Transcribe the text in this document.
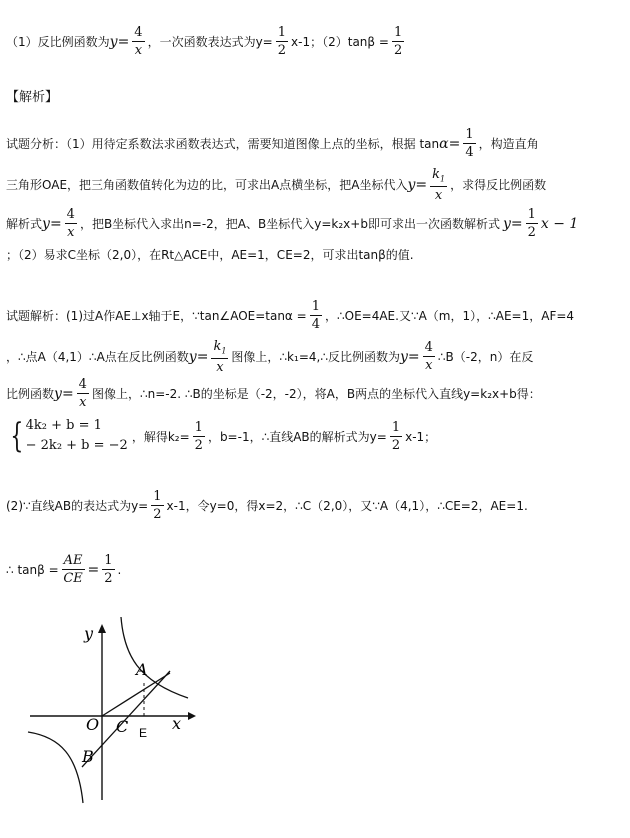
（1）反比例函数为 $y = \frac{4}{x}$ ，一次函数表达式为$y= \frac{1}{2} x-1$；$(2)\tan\beta = \frac{1}{2}$
【解析】
试题分析：（1）用待定系数法求函数表达式，需要知道图像上点的坐标，根据 $\tan \alpha = \frac{1}{4}$ ，构造直角
三角形OAE，把三角函数值转化为边的比，可求出A点横坐标，把A坐标代入 $y = \frac{k_1}{x}$ ，求得反比例函数
解析式 $y = \frac{4}{x}$ ，把B坐标代入求出n=-2，把A、B坐标代入y=k₂x+b即可求出一次函数解析式 $y = \frac{1}{2}$ x − 1
；（2）易求C坐标（2,0），在Rt△ACE中，AE=1，CE=2，可求出tanβ的值.
试题解析：(1)过A作AE⊥x轴于E，∵tan∠AOE=tanα = $\frac{1}{4}$ ，∴OE=4AE.又∵A（m，1），∴AE=1，AF=4
，∴点A（4,1）∴A点在反比例函数 $y = \frac{k_1}{x}$ 图像上，∴k₁=4,∴反比例函数为 $y = \frac{4}{x}$ ∴B（-2，n）在反
比例函数 $y = \frac{4}{x}$ 图像上，∴n=-2. ∴B的坐标是（-2，-2），将A，B两点的坐标代入直线y=k₂x+b得：
{ 4k₂ + b = 1
− 2k₂ + b = −2
，解得$k_2= \frac{1}{2}$ ，b=-1，∴直线AB的解析式为$y= \frac{1}{2} x-1$；
(2)∵直线AB的表达式为$y= \frac{1}{2} x-1$，令y=0，得x=2，∴C（2,0），又∵A（4,1），∴CE=2，AE=1.
∴ $\tan\beta = \frac{AE}{CE} = \frac{1}{2}$ .
y
x
O
A
B
C E
